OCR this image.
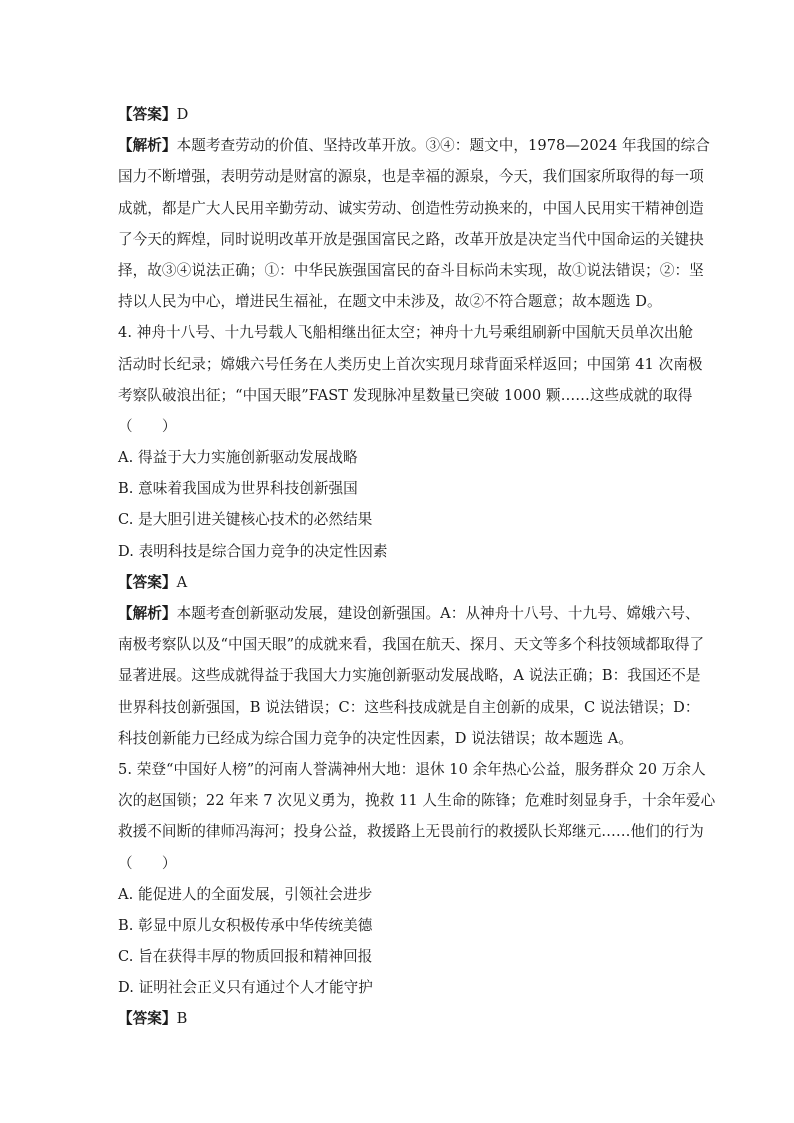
【答案】D
【解析】本题考查劳动的价值、坚持改革开放。③④：题文中，1978—2024 年我国的综合
国力不断增强，表明劳动是财富的源泉，也是幸福的源泉，今天，我们国家所取得的每一项
成就，都是广大人民用辛勤劳动、诚实劳动、创造性劳动换来的，中国人民用实干精神创造
了今天的辉煌，同时说明改革开放是强国富民之路，改革开放是决定当代中国命运的关键抉
择，故③④说法正确；①：中华民族强国富民的奋斗目标尚未实现，故①说法错误；②：坚
持以人民为中心，增进民生福祉，在题文中未涉及，故②不符合题意；故本题选 D。
4. 神舟十八号、十九号载人飞船相继出征太空；神舟十九号乘组刷新中国航天员单次出舱
活动时长纪录；嫦娥六号任务在人类历史上首次实现月球背面采样返回；中国第 41 次南极
考察队破浪出征；“中国天眼”FAST 发现脉冲星数量已突破 1000 颗……这些成就的取得
（　　）
A. 得益于大力实施创新驱动发展战略
B. 意味着我国成为世界科技创新强国
C. 是大胆引进关键核心技术的必然结果
D. 表明科技是综合国力竞争的决定性因素
【答案】A
【解析】本题考查创新驱动发展，建设创新强国。A：从神舟十八号、十九号、嫦娥六号、
南极考察队以及“中国天眼”的成就来看，我国在航天、探月、天文等多个科技领域都取得了
显著进展。这些成就得益于我国大力实施创新驱动发展战略，A 说法正确；B：我国还不是
世界科技创新强国，B 说法错误；C：这些科技成就是自主创新的成果，C 说法错误；D：
科技创新能力已经成为综合国力竞争的决定性因素，D 说法错误；故本题选 A。
5. 荣登“中国好人榜”的河南人誉满神州大地：退休 10 余年热心公益，服务群众 20 万余人
次的赵国锁；22 年来 7 次见义勇为，挽救 11 人生命的陈锋；危难时刻显身手，十余年爱心
救援不间断的律师冯海河；投身公益，救援路上无畏前行的救援队长郑继元……他们的行为
（　　）
A. 能促进人的全面发展，引领社会进步
B. 彰显中原儿女积极传承中华传统美德
C. 旨在获得丰厚的物质回报和精神回报
D. 证明社会正义只有通过个人才能守护
【答案】B
